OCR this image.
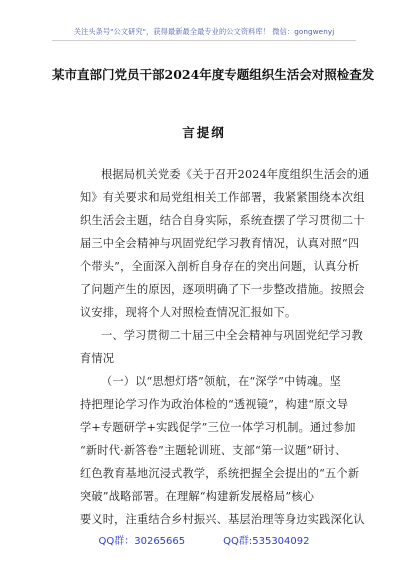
关注头条号"公文研究"，获得最新最全最专业的公文资料库！ 微信：gongwenyj
某市直部门党员干部2024年度专题组织生活会对照检查发
言提纲
根据局机关党委《关于召开2024年度组织生活会的通
知》有关要求和局党组相关工作部署，我紧紧围绕本次组
织生活会主题，结合自身实际，系统查摆了学习贯彻二十
届三中全会精神与巩固党纪学习教育情况，认真对照“四
个带头”，全面深入剖析自身存在的突出问题，认真分析
了问题产生的原因，逐项明确了下一步整改措施。按照会
议安排，现将个人对照检查情况汇报如下。
一、学习贯彻二十届三中全会精神与巩固党纪学习教
育情况
（一）以“思想灯塔”领航，在“深学”中铸魂。坚
持把理论学习作为政治体检的“透视镜”，构建“原文导
学+专题研学+实践促学”三位一体学习机制。通过参加
“新时代·新答卷”主题轮训班、支部“第一议题”研讨、
红色教育基地沉浸式教学，系统把握全会提出的“五个新
突破”战略部署。在理解“构建新发展格局”核心
要义时，注重结合乡村振兴、基层治理等身边实践深化认
QQ群：30265665	QQ群:535304092
